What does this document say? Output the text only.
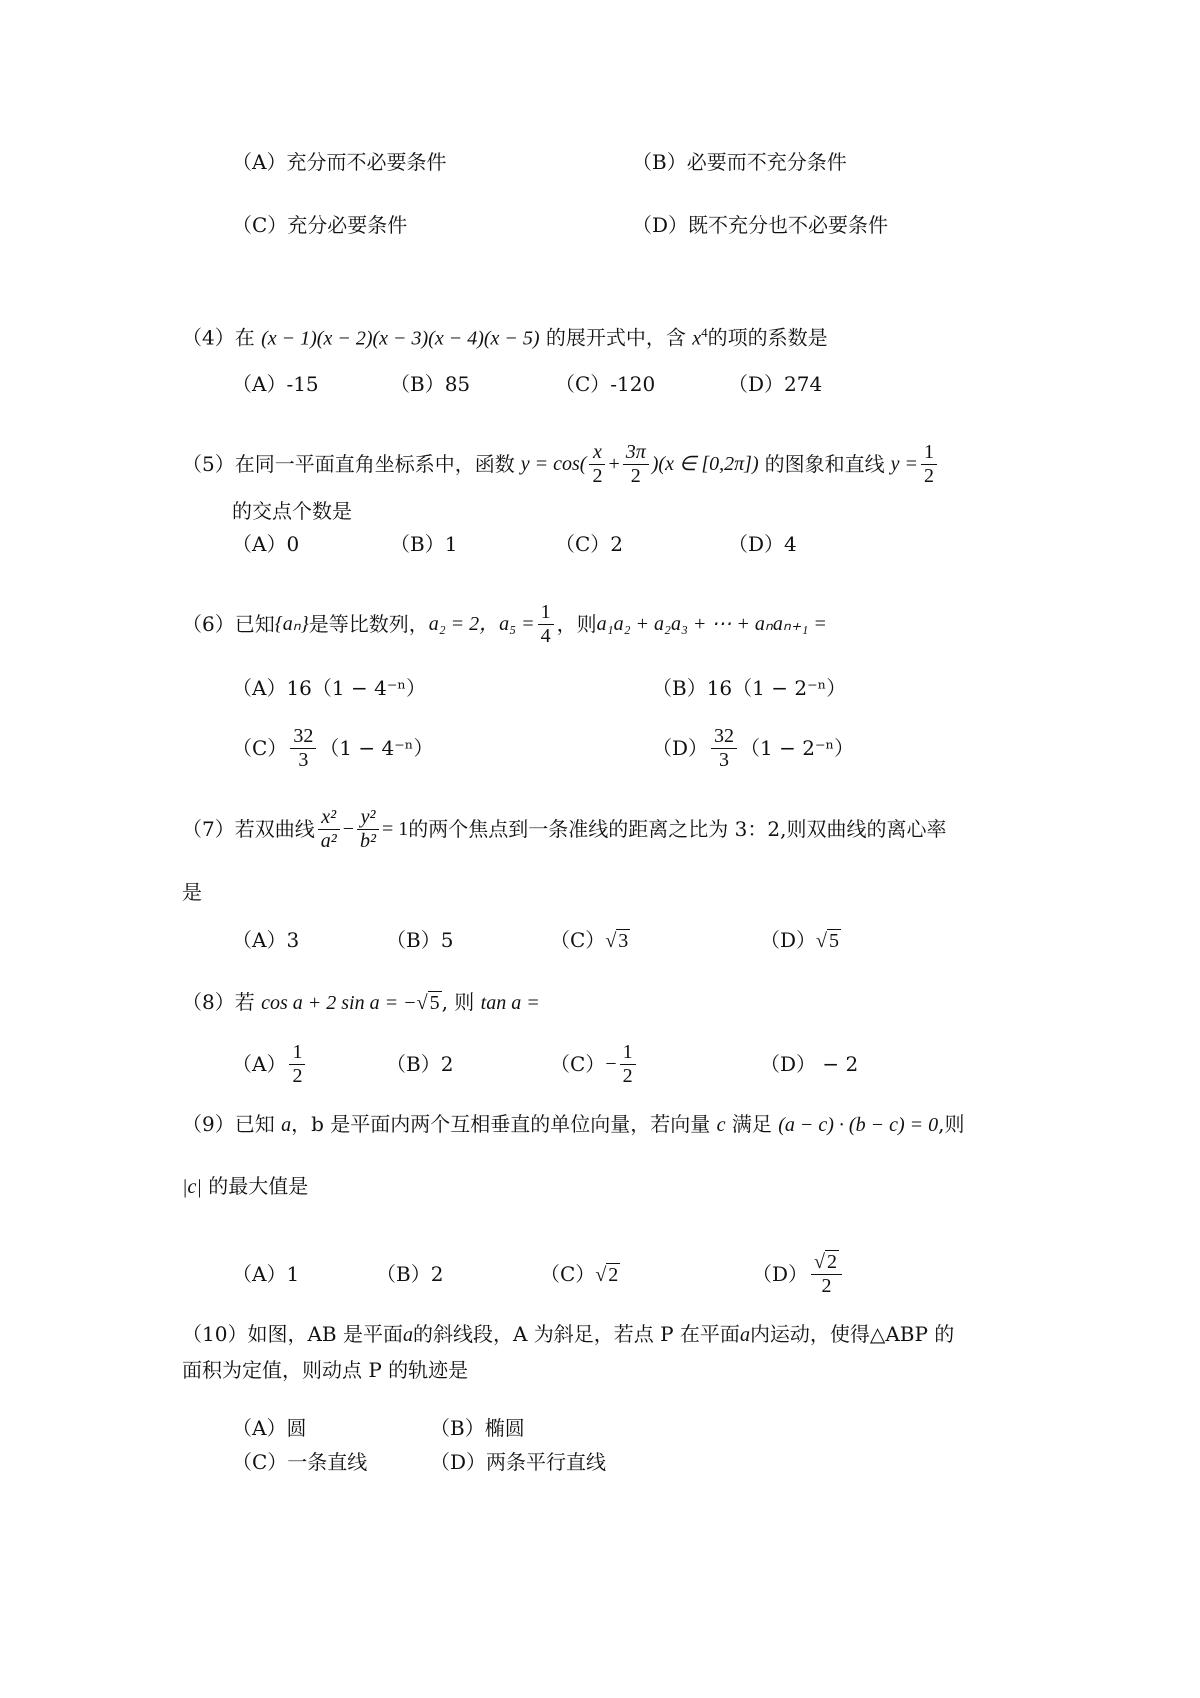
（A）充分而不必要条件	（B）必要而不充分条件
（C）充分必要条件	（D）既不充分也不必要条件
（4）在 (x − 1)(x − 2)(x − 3)(x − 4)(x − 5) 的展开式中，含 $x^4$的项的系数是
（A）-15	（B）85	（C）-120	（D）274
（5） 在同一平面直角坐标系中，函数 $y = \cos( \frac{x}{2} + \frac{3\pi}{2} )(x$ ∈ [0,2π]) 的图象和直线 $y = \frac{1}{2}$
的交点个数是
（A）0	（B）1	（C）2	（D）4
（6） 已知 {aₙ} 是等比数列， a₂ = 2， $a_5 = \frac{1}{4}$ ，则 a₁a₂ + a₂a₃ + ⋯ + aₙaₙ₊₁ =
（A）16（1 − 4⁻ⁿ）	（B）16（1 − 2⁻ⁿ）
$(C) \frac{32}{3} (1 - 4^{-n})$	$(D) \frac{32}{3} (1 - 2^{-n})$
（7） 若双曲线 $\frac{\text{x²}}{\text{a²}} - \frac{\text{y²}}{\text{b²}} = 1$ 的两个焦点到一条准线的距离之比为 3：2,则双曲线的离心率
是
（A）3	（B）5	（C）√ 3	（D）√ 5
（8）若 cos a + 2 sin a = −√ 5 , 则 tan a =
$(A) \frac{1}{2}$	（B）2	$(C) - \frac{1}{2}$	（D） − 2
（9）已知 a，b 是平面内两个互相垂直的单位向量，若向量 c 满足 (a − c) · (b − c) = 0,则
|c| 的最大值是
（A）1	（B）2	（C）√ 2	$(D) \frac{√ 2}{2}$
（10）如图，AB 是平面a的斜线段，A 为斜足，若点 P 在平面a内运动，使得△ABP 的
面积为定值，则动点 P 的轨迹是
（A）圆	（B）椭圆
（C）一条直线	（D）两条平行直线
